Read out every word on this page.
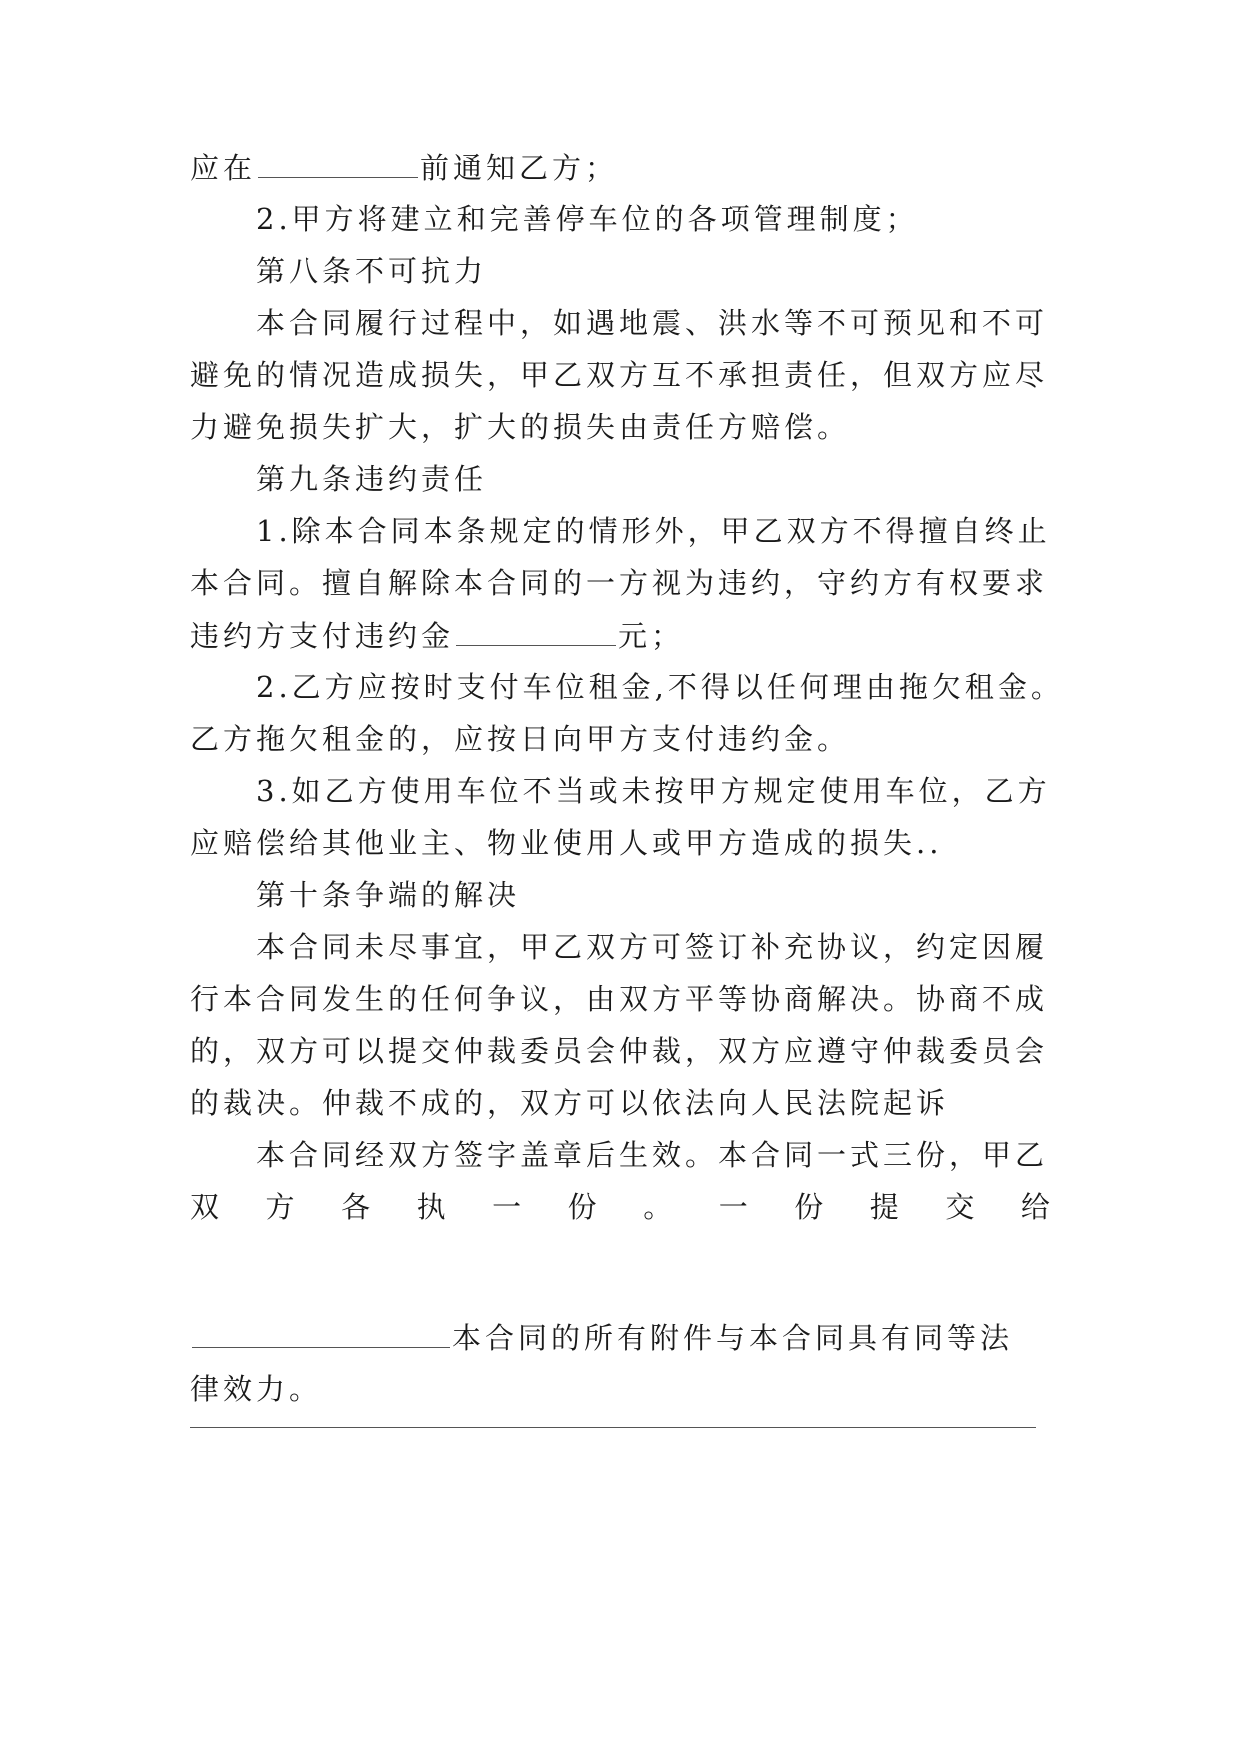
应在	前通知乙方；
2.甲方将建立和完善停车位的各项管理制度；
第八条不可抗力
本合同履行过程中，如遇地震、洪水等不可预见和不可
避免的情况造成损失，甲乙双方互不承担责任，但双方应尽
力避免损失扩大，扩大的损失由责任方赔偿。
第九条违约责任
1.除本合同本条规定的情形外，甲乙双方不得擅自终止
本合同。擅自解除本合同的一方视为违约，守约方有权要求
违约方支付违约金	元；
2.乙方应按时支付车位租金,不得以任何理由拖欠租金。
乙方拖欠租金的，应按日向甲方支付违约金。
3.如乙方使用车位不当或未按甲方规定使用车位，乙方
应赔偿给其他业主、物业使用人或甲方造成的损失..
第十条争端的解决
本合同未尽事宜，甲乙双方可签订补充协议，约定因履
行本合同发生的任何争议，由双方平等协商解决。协商不成
的，双方可以提交仲裁委员会仲裁，双方应遵守仲裁委员会
的裁决。仲裁不成的，双方可以依法向人民法院起诉
本合同经双方签字盖章后生效。本合同一式三份，甲乙
双 方 各 执 一 份 。 一 份 提 交 给
本合同的所有附件与本合同具有同等法
律效力。
